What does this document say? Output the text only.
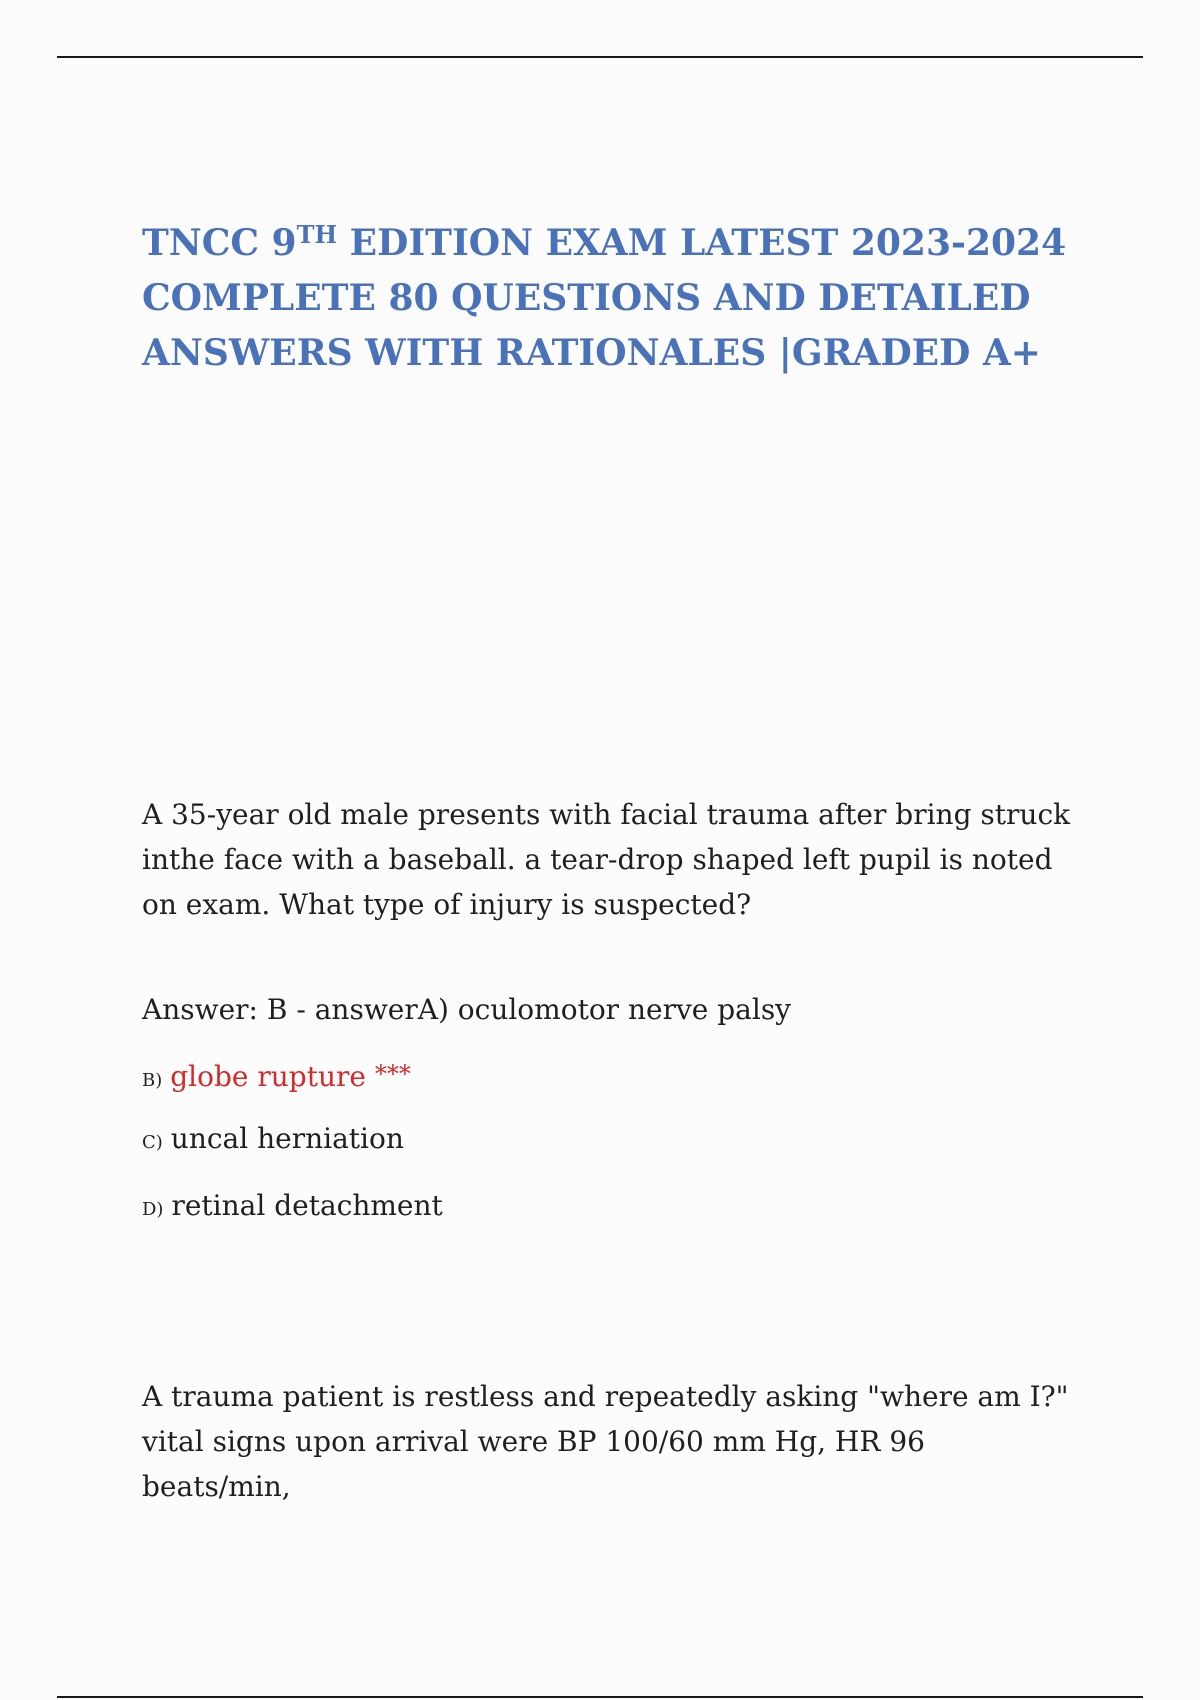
TNCC 9TH EDITION EXAM LATEST 2023-2024
COMPLETE 80 QUESTIONS AND DETAILED
ANSWERS WITH RATIONALES |GRADED A+

A 35-year old male presents with facial trauma after bring struck inthe face with a baseball. a tear-drop shaped left pupil is noted on exam. What type of injury is suspected?

Answer: B - answerA) oculomotor nerve palsy

B) globe rupture ***

C) uncal herniation

D) retinal detachment

A trauma patient is restless and repeatedly asking "where am I?" vital signs upon arrival were BP 100/60 mm Hg, HR 96 beats/min,
